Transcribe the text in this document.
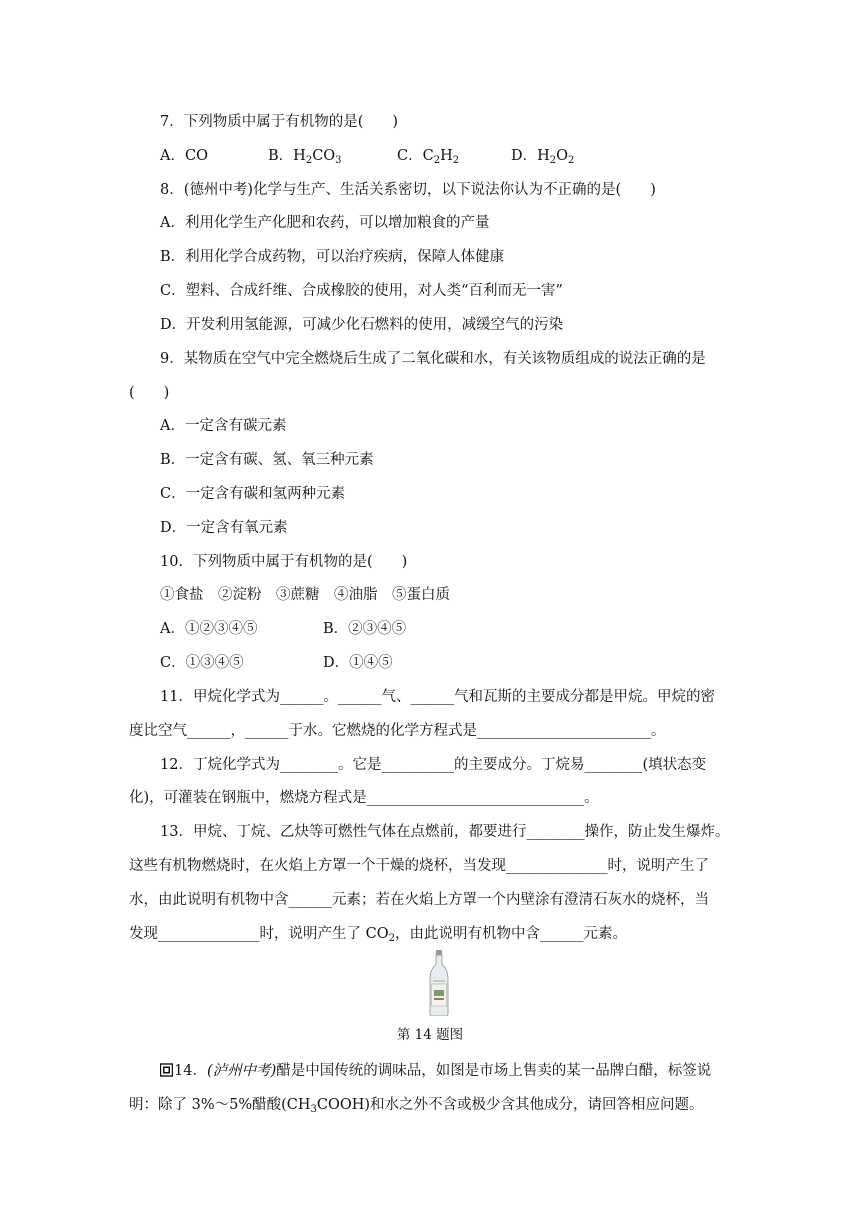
7．下列物质中属于有机物的是(　　)
A．CO	B．$H_2CO_3$	C．$C_2H_2$	D．$H_2O_2$
8．(德州中考)化学与生产、生活关系密切，以下说法你认为不正确的是(　　)
A．利用化学生产化肥和农药，可以增加粮食的产量
B．利用化学合成药物，可以治疗疾病，保障人体健康
C．塑料、合成纤维、合成橡胶的使用，对人类“百利而无一害”
D．开发利用氢能源，可减少化石燃料的使用，减缓空气的污染
9．某物质在空气中完全燃烧后生成了二氧化碳和水，有关该物质组成的说法正确的是
(　　)
A．一定含有碳元素
B．一定含有碳、氢、氧三种元素
C．一定含有碳和氢两种元素
D．一定含有氧元素
10．下列物质中属于有机物的是(　　)
①食盐　②淀粉　③蔗糖　④油脂　⑤蛋白质
A．①②③④⑤	B．②③④⑤
C．①③④⑤	D．①④⑤
11．甲烷化学式为______。______气、______气和瓦斯的主要成分都是甲烷。甲烷的密
度比空气______，______于水。它燃烧的化学方程式是________________________。
12．丁烷化学式为________。它是__________的主要成分。丁烷易________(填状态变
化)，可灌装在钢瓶中，燃烧方程式是______________________________。
13．甲烷、丁烷、乙炔等可燃性气体在点燃前，都要进行________操作，防止发生爆炸。
这些有机物燃烧时，在火焰上方罩一个干燥的烧杯，当发现______________时，说明产生了
水，由此说明有机物中含______元素；若在火焰上方罩一个内壁涂有澄清石灰水的烧杯，当
发现______________时，说明产生了 $CO_2$，由此说明有机物中含______元素。
第 14 题图
14．(泸州中考)醋是中国传统的调味品，如图是市场上售卖的某一品牌白醋，标签说
明：除了 3%～5%醋酸$(CH_3COOH)$和水之外不含或极少含其他成分，请回答相应问题。
